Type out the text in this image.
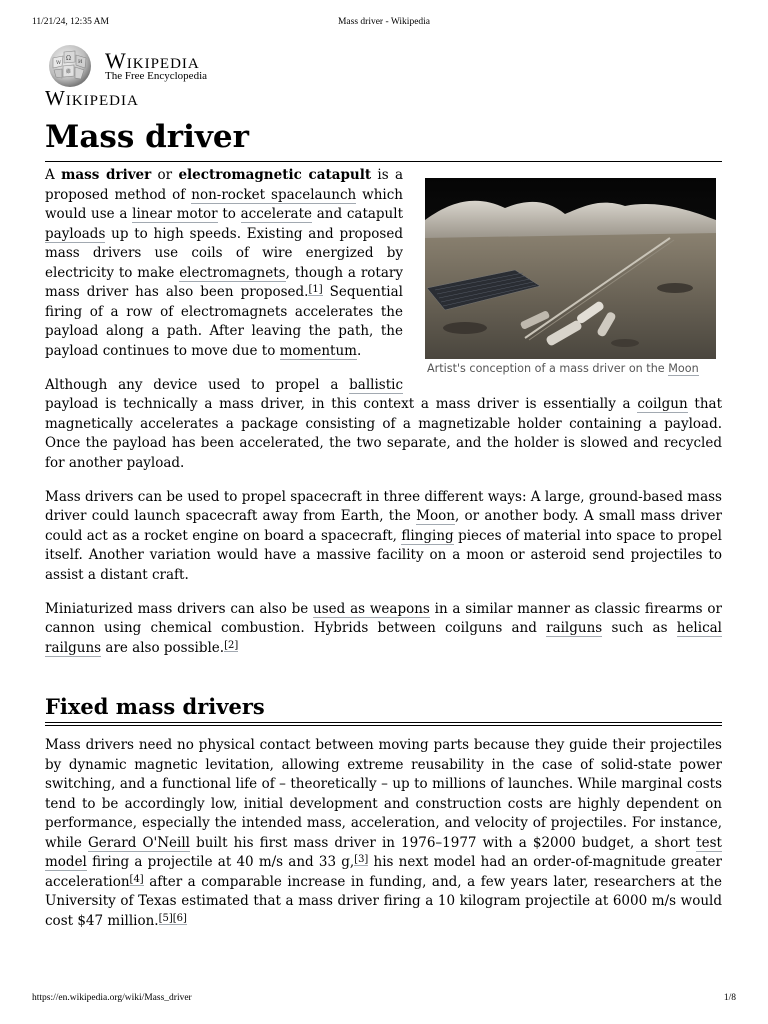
11/21/24, 12:35 AM	Mass driver - Wikipedia
Ω
W	И
維 Wikipedia
The Free Encyclopedia
Wikipedia
Mass driver
Artist's conception of a mass driver on the Moon

A mass driver or electromagnetic catapult is a proposed method of non-rocket spacelaunch which would use a linear motor to accelerate and catapult payloads up to high speeds. Existing and proposed mass drivers use coils of wire energized by electricity to make electromagnets, though a rotary mass driver has also been proposed.[1] Sequential firing of a row of electromagnets accelerates the payload along a path. After leaving the path, the payload continues to move due to momentum.

Although any device used to propel a ballistic payload is technically a mass driver, in this context a mass driver is essentially a coilgun that magnetically accelerates a package consisting of a magnetizable holder containing a payload. Once the payload has been accelerated, the two separate, and the holder is slowed and recycled for another payload.

Mass drivers can be used to propel spacecraft in three different ways: A large, ground-based mass driver could launch spacecraft away from Earth, the Moon, or another body. A small mass driver could act as a rocket engine on board a spacecraft, flinging pieces of material into space to propel itself. Another variation would have a massive facility on a moon or asteroid send projectiles to assist a distant craft.

Miniaturized mass drivers can also be used as weapons in a similar manner as classic firearms or cannon using chemical combustion. Hybrids between coilguns and railguns such as helical railguns are also possible.[2]

Fixed mass drivers

Mass drivers need no physical contact between moving parts because they guide their projectiles by dynamic magnetic levitation, allowing extreme reusability in the case of solid-state power switching, and a functional life of – theoretically – up to millions of launches. While marginal costs tend to be accordingly low, initial development and construction costs are highly dependent on performance, especially the intended mass, acceleration, and velocity of projectiles. For instance, while Gerard O'Neill built his first mass driver in 1976–1977 with a $2000 budget, a short test model firing a projectile at 40 m/s and 33 g,[3] his next model had an order-of-magnitude greater acceleration[4] after a comparable increase in funding, and, a few years later, researchers at the University of Texas estimated that a mass driver firing a 10 kilogram projectile at 6000 m/s would cost $47 million.[5][6]

https://en.wikipedia.org/wiki/Mass_driver	1/8
